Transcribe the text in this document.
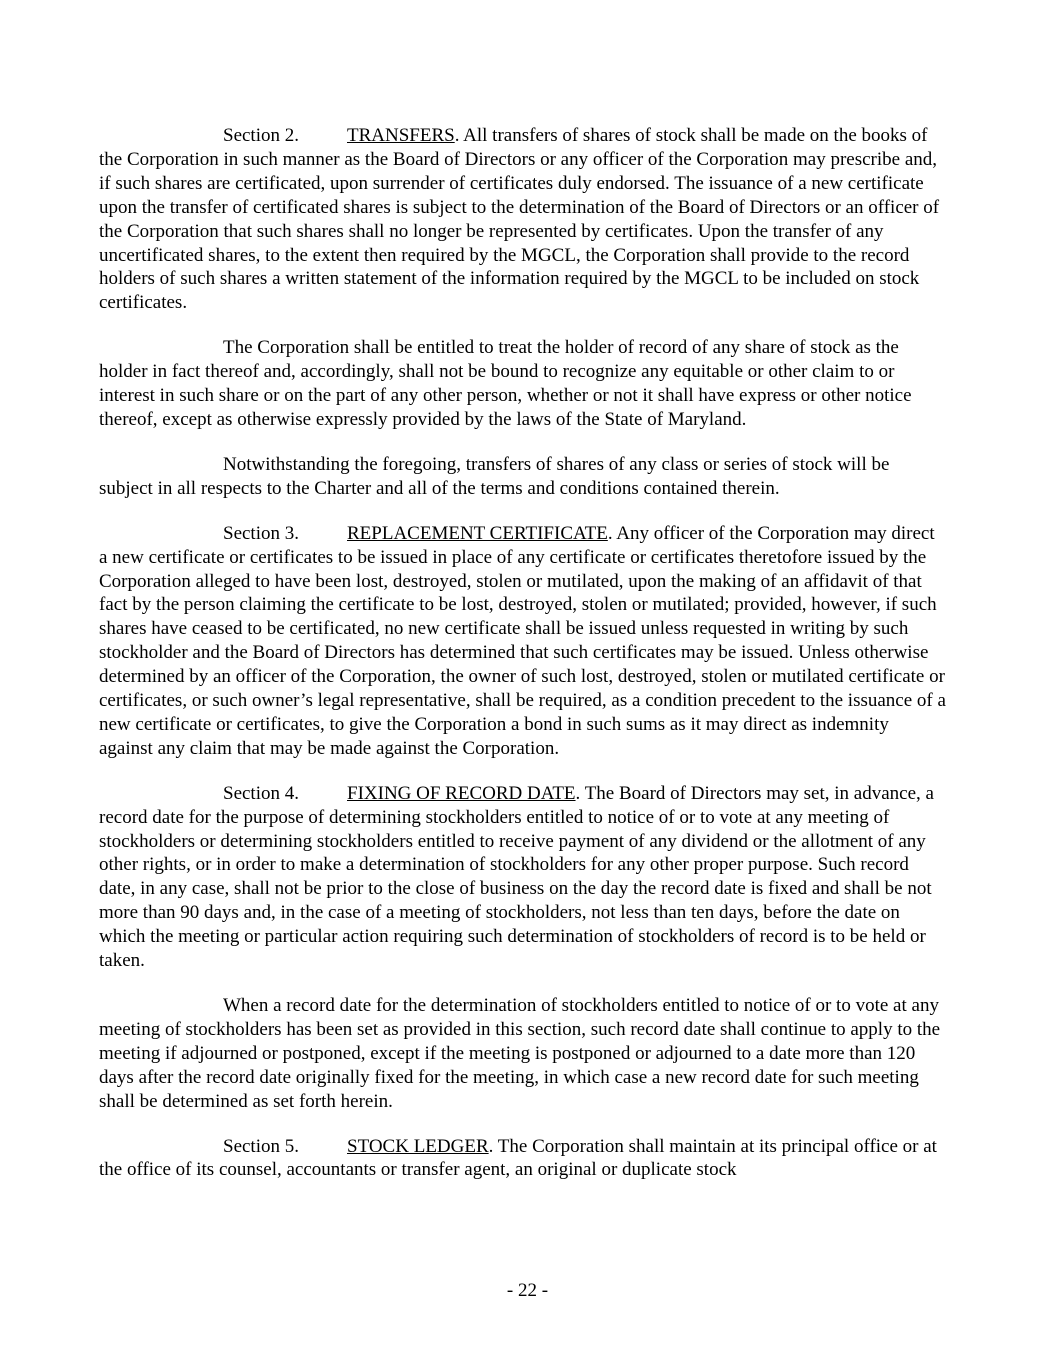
Section 2.	TRANSFERS. All transfers of shares of stock shall be made on the books of the Corporation in such manner as the Board of Directors or any officer of the Corporation may prescribe and, if such shares are certificated, upon surrender of certificates duly endorsed. The issuance of a new certificate upon the transfer of certificated shares is subject to the determination of the Board of Directors or an officer of the Corporation that such shares shall no longer be represented by certificates. Upon the transfer of any uncertificated shares, to the extent then required by the MGCL, the Corporation shall provide to the record holders of such shares a written statement of the information required by the MGCL to be included on stock certificates.

The Corporation shall be entitled to treat the holder of record of any share of stock as the holder in fact thereof and, accordingly, shall not be bound to recognize any equitable or other claim to or interest in such share or on the part of any other person, whether or not it shall have express or other notice thereof, except as otherwise expressly provided by the laws of the State of Maryland.

Notwithstanding the foregoing, transfers of shares of any class or series of stock will be subject in all respects to the Charter and all of the terms and conditions contained therein.

Section 3.	REPLACEMENT CERTIFICATE. Any officer of the Corporation may direct a new certificate or certificates to be issued in place of any certificate or certificates theretofore issued by the Corporation alleged to have been lost, destroyed, stolen or mutilated, upon the making of an affidavit of that fact by the person claiming the certificate to be lost, destroyed, stolen or mutilated; provided, however, if such shares have ceased to be certificated, no new certificate shall be issued unless requested in writing by such stockholder and the Board of Directors has determined that such certificates may be issued. Unless otherwise determined by an officer of the Corporation, the owner of such lost, destroyed, stolen or mutilated certificate or certificates, or such owner’s legal representative, shall be required, as a condition precedent to the issuance of a new certificate or certificates, to give the Corporation a bond in such sums as it may direct as indemnity against any claim that may be made against the Corporation.

Section 4.	FIXING OF RECORD DATE. The Board of Directors may set, in advance, a record date for the purpose of determining stockholders entitled to notice of or to vote at any meeting of stockholders or determining stockholders entitled to receive payment of any dividend or the allotment of any other rights, or in order to make a determination of stockholders for any other proper purpose. Such record date, in any case, shall not be prior to the close of business on the day the record date is fixed and shall be not more than 90 days and, in the case of a meeting of stockholders, not less than ten days, before the date on which the meeting or particular action requiring such determination of stockholders of record is to be held or taken.

When a record date for the determination of stockholders entitled to notice of or to vote at any meeting of stockholders has been set as provided in this section, such record date shall continue to apply to the meeting if adjourned or postponed, except if the meeting is postponed or adjourned to a date more than 120 days after the record date originally fixed for the meeting, in which case a new record date for such meeting shall be determined as set forth herein.

Section 5.	STOCK LEDGER. The Corporation shall maintain at its principal office or at the office of its counsel, accountants or transfer agent, an original or duplicate stock

- 22 -
